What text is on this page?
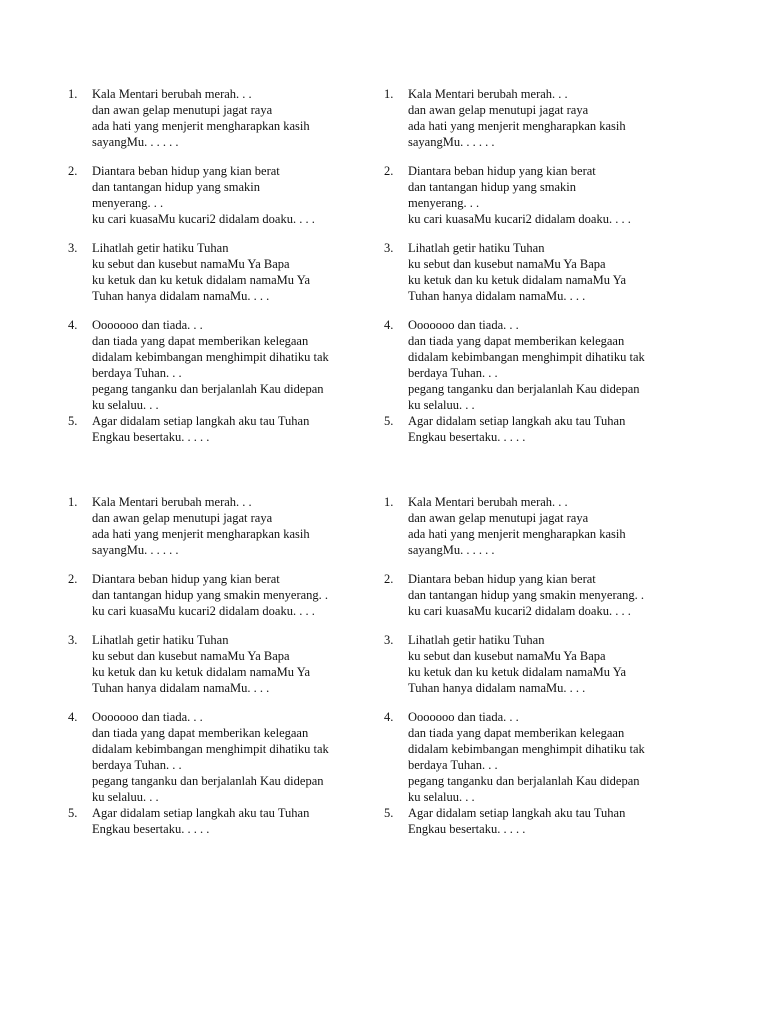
1.	Kala Mentari berubah merah. . .
dan awan gelap menutupi jagat raya
ada hati yang menjerit mengharapkan kasih
sayangMu. . . . . .
2.	Diantara beban hidup yang kian berat
dan tantangan hidup yang smakin
menyerang. . .
ku cari kuasaMu kucari2 didalam doaku. . . .
3.	Lihatlah getir hatiku Tuhan
ku sebut dan kusebut namaMu Ya Bapa
ku ketuk dan ku ketuk didalam namaMu Ya
Tuhan hanya didalam namaMu. . . .
4.	Ooooooo dan tiada. . .
dan tiada yang dapat memberikan kelegaan
didalam kebimbangan menghimpit dihatiku tak
berdaya Tuhan. . .
pegang tanganku dan berjalanlah Kau didepan
ku selaluu. . .
5.	Agar didalam setiap langkah aku tau Tuhan
Engkau besertaku. . . . .
1.	Kala Mentari berubah merah. . .
dan awan gelap menutupi jagat raya
ada hati yang menjerit mengharapkan kasih
sayangMu. . . . . .
2.	Diantara beban hidup yang kian berat
dan tantangan hidup yang smakin
menyerang. . .
ku cari kuasaMu kucari2 didalam doaku. . . .
3.	Lihatlah getir hatiku Tuhan
ku sebut dan kusebut namaMu Ya Bapa
ku ketuk dan ku ketuk didalam namaMu Ya
Tuhan hanya didalam namaMu. . . .
4.	Ooooooo dan tiada. . .
dan tiada yang dapat memberikan kelegaan
didalam kebimbangan menghimpit dihatiku tak
berdaya Tuhan. . .
pegang tanganku dan berjalanlah Kau didepan
ku selaluu. . .
5.	Agar didalam setiap langkah aku tau Tuhan
Engkau besertaku. . . . .
1.	Kala Mentari berubah merah. . .
dan awan gelap menutupi jagat raya
ada hati yang menjerit mengharapkan kasih
sayangMu. . . . . .
2.	Diantara beban hidup yang kian berat
dan tantangan hidup yang smakin menyerang. .
ku cari kuasaMu kucari2 didalam doaku. . . .
3.	Lihatlah getir hatiku Tuhan
ku sebut dan kusebut namaMu Ya Bapa
ku ketuk dan ku ketuk didalam namaMu Ya
Tuhan hanya didalam namaMu. . . .
4.	Ooooooo dan tiada. . .
dan tiada yang dapat memberikan kelegaan
didalam kebimbangan menghimpit dihatiku tak
berdaya Tuhan. . .
pegang tanganku dan berjalanlah Kau didepan
ku selaluu. . .
5.	Agar didalam setiap langkah aku tau Tuhan
Engkau besertaku. . . . .
1.	Kala Mentari berubah merah. . .
dan awan gelap menutupi jagat raya
ada hati yang menjerit mengharapkan kasih
sayangMu. . . . . .
2.	Diantara beban hidup yang kian berat
dan tantangan hidup yang smakin menyerang. .
ku cari kuasaMu kucari2 didalam doaku. . . .
3.	Lihatlah getir hatiku Tuhan
ku sebut dan kusebut namaMu Ya Bapa
ku ketuk dan ku ketuk didalam namaMu Ya
Tuhan hanya didalam namaMu. . . .
4.	Ooooooo dan tiada. . .
dan tiada yang dapat memberikan kelegaan
didalam kebimbangan menghimpit dihatiku tak
berdaya Tuhan. . .
pegang tanganku dan berjalanlah Kau didepan
ku selaluu. . .
5.	Agar didalam setiap langkah aku tau Tuhan
Engkau besertaku. . . . .
